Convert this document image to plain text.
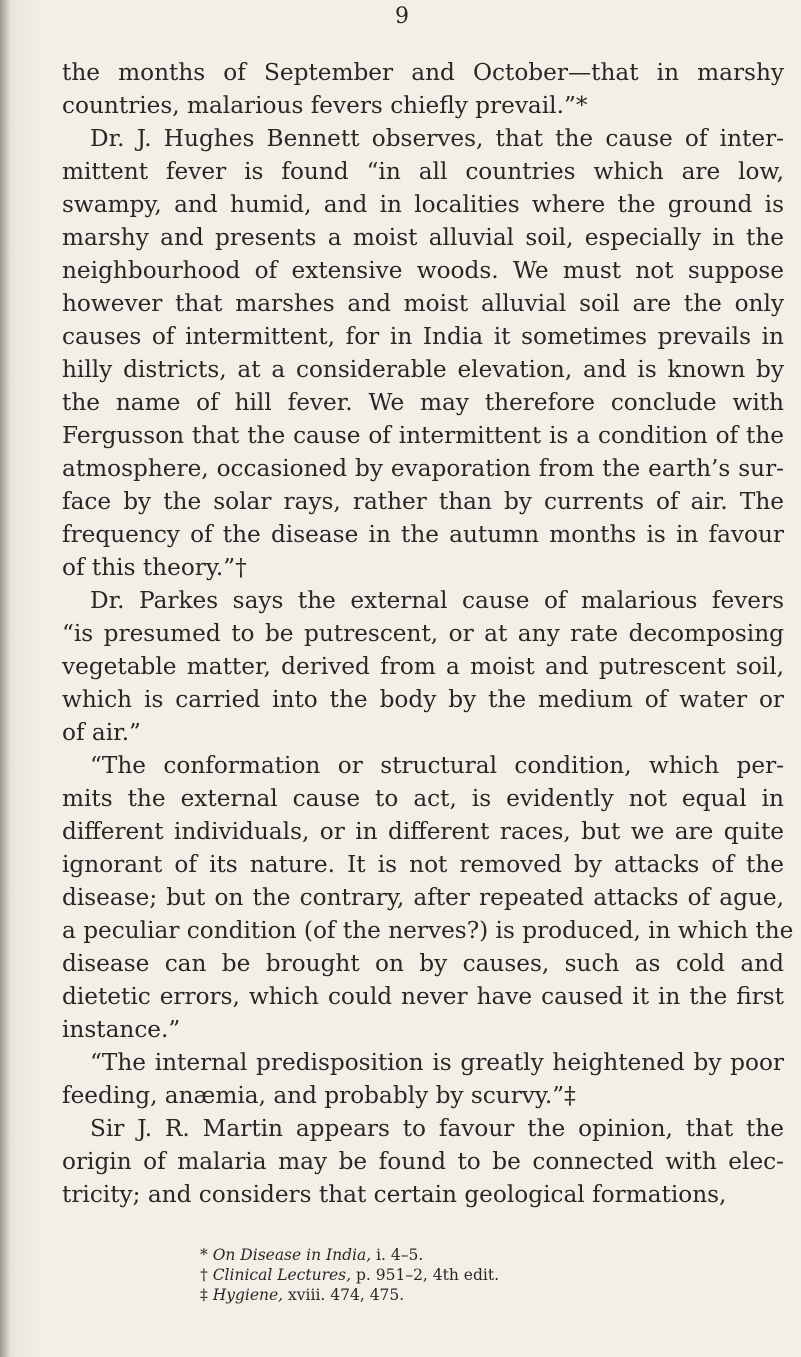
9
the months of September and October—that in marshy
countries, malarious fevers chiefly prevail.”*
Dr. J. Hughes Bennett observes, that the cause of inter-
mittent fever is found “in all countries which are low,
swampy, and humid, and in localities where the ground is
marshy and presents a moist alluvial soil, especially in the
neighbourhood of extensive woods. We must not suppose
however that marshes and moist alluvial soil are the only
causes of intermittent, for in India it sometimes prevails in
hilly districts, at a considerable elevation, and is known by
the name of hill fever. We may therefore conclude with
Fergusson that the cause of intermittent is a condition of the
atmosphere, occasioned by evaporation from the earth’s sur-
face by the solar rays, rather than by currents of air. The
frequency of the disease in the autumn months is in favour
of this theory.”†
Dr. Parkes says the external cause of malarious fevers
“is presumed to be putrescent, or at any rate decomposing
vegetable matter, derived from a moist and putrescent soil,
which is carried into the body by the medium of water or
of air.”
“The conformation or structural condition, which per-
mits the external cause to act, is evidently not equal in
different individuals, or in different races, but we are quite
ignorant of its nature. It is not removed by attacks of the
disease; but on the contrary, after repeated attacks of ague,
a peculiar condition (of the nerves?) is produced, in which the
disease can be brought on by causes, such as cold and
dietetic errors, which could never have caused it in the first
instance.”
“The internal predisposition is greatly heightened by poor
feeding, anæmia, and probably by scurvy.”‡
Sir J. R. Martin appears to favour the opinion, that the
origin of malaria may be found to be connected with elec-
tricity; and considers that certain geological formations,
* On Disease in India, i. 4–5.
† Clinical Lectures, p. 951–2, 4th edit.
‡ Hygiene, xviii. 474, 475.
